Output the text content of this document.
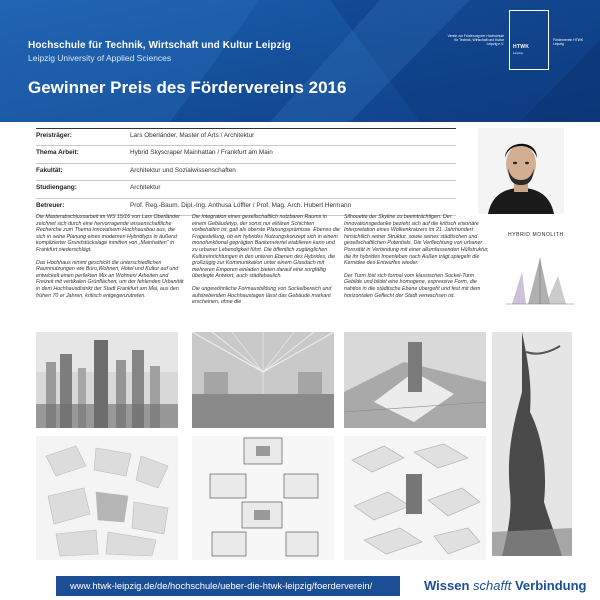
Hochschule für Technik, Wirtschaft und Kultur Leipzig
Leipzig University of Applied Sciences
Gewinner Preis des Fördervereins 2016
Verein zur Förderung der Hochschule für Technik, Wirtschaft und Kultur Leipzig e.V. HTWK
Leipzig
Förderverein HTWK Leipzig
Preisträger:	Lars Oberländer, Master of Arts / Architektur
Thema Arbeit:	Hybrid Skyscraper Mainhattan / Frankfurt am Main
Fakultät:	Architektur und Sozialwissenschaften
Studiengang:	Architektur
Betreuer:	Prof. Reg.-Baum. Dipl.-Ing. Anthusa Löffler / Prof. Mag. Arch. Hubert Hermann

Die Masterabschlussarbeit im WS 15/16 von Lars Oberländer zeichnet sich durch eine hervorragende wissenschaftliche Recherche zum Thema innovativem Hochhausbau aus, die sich in seine Planung eines modernen Hybridtyps in äußerst komplizierter Grundstückslage inmitten von „Mainhatten" in Frankfurt niederschlägt.

Das Hochhaus nimmt geschickt die unterschiedlichen Raumnutzungen wie Büro,Wohnen, Hotel und Kultur auf und entwickelt einen perfekten Mix an Wohnen/ Arbeiten und Freizeit mit vertikalen Grünflächen, um der fehlenden Urbanität in dem Hochhausdistrikt der Stadt Frankfurt am Mai, aus den frühen 70 er Jahren, kritisch entgegenzutreten.

Die Integration eines gesellschaftlich nutzbaren Raums in einem Gebäudetyp, der sonst nur elitären Schichten vorbehalten ist, galt als oberste Planungsprämisse. Ebenso die Fragestellung, ob ein hybrides Nutzungskonzept sich in einem monofunktional geprägten Bankenviertel etablieren kann und zu urbaner Lebendigkeit führt. Die öffentlich zugänglichen Kultureinrichtungen in den unteren Ebenen des Hybrides, die großzügig zur Kommunikation unter einem Glasdach mit mehreren Emporen einladen bieten darauf eine sorgfältig überlegte Antwort, auch städtebaulich.

Die ungewöhnliche Formausbildung von Sockelbereich und aufstrebenden Hochhaustagen lässt das Gebäude markant erscheinen, ohne die

Silhouette der Skyline zu beeinträchtigen. Der Innovationsgedanke bezieht sich auf die kritisch visionäre Interpretation eines Wolkenkratzers im 21. Jahrhundert hinsichtlich seiner Struktur, sowie seines städtischen und gesellschaftlichen Potentials. Die Verflechtung von urbaner Porosität in Verbindung mit einer allumfassenden Hüllstruktur, die ihr hybrides Innenleben nach Außen trägt,spiegeln die Kernidee des Entwurfes wieder.

Der Turm löst sich formal vom klassischen Sockel-Turm Gebilde und bildet eine homogene, expressive Form, die nahtlos in die städtische Ebene übergeht und fest mit dem horizontalen Geflecht der Stadt verwachsen ist.

HYBRID MONOLITH
www.htwk-leipzig.de/de/hochschule/ueber-die-htwk-leipzig/foerderverein/	Wissen schafft Verbindung
